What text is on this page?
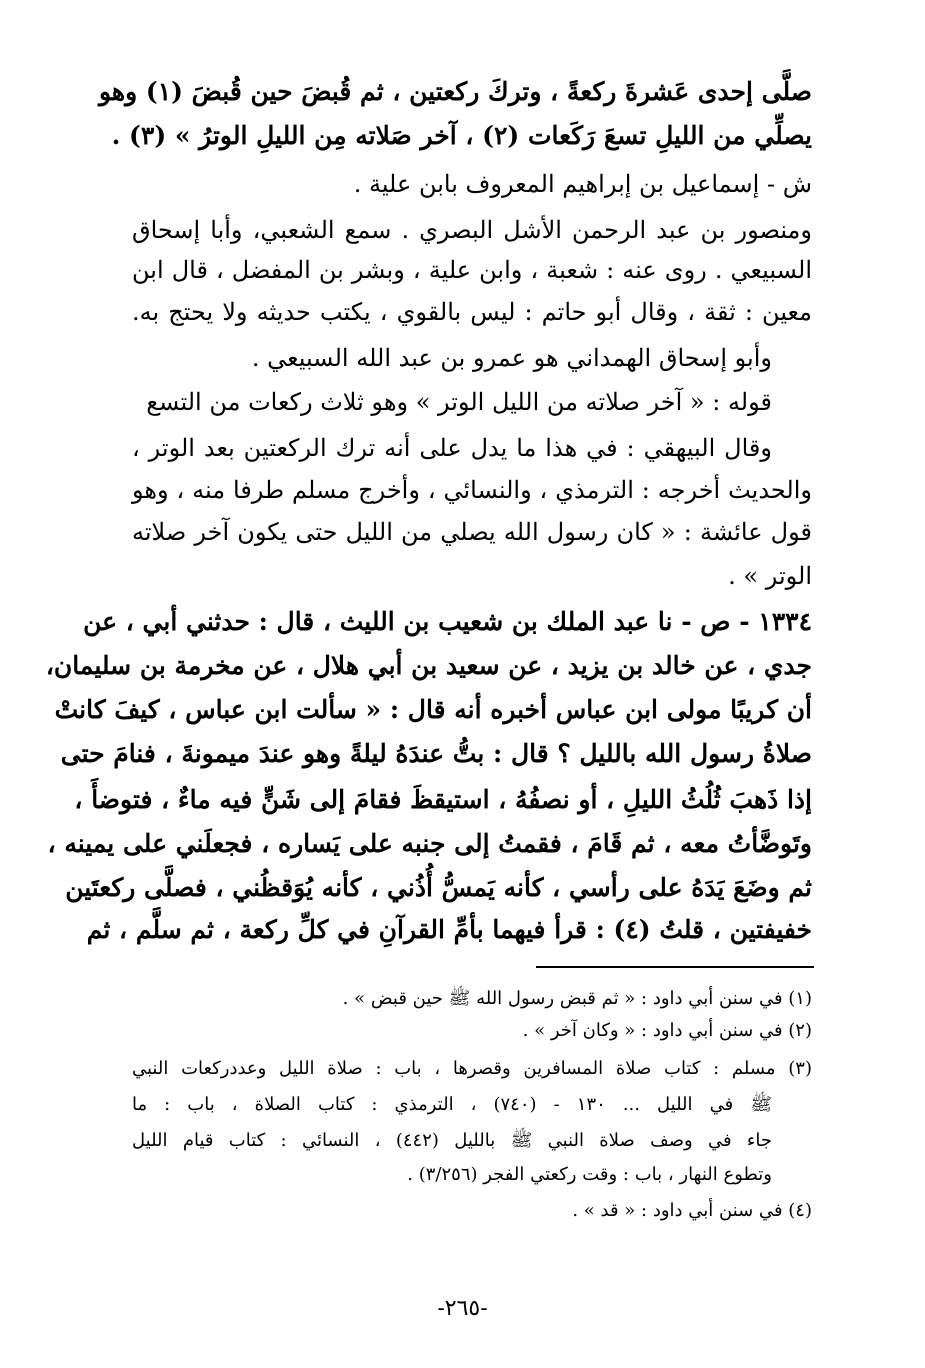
صلَّى إحدى عَشرةَ ركعةً ، وتركَ ركعتين ، ثم قُبضَ حين قُبضَ (١) وهو
يصلِّي من الليلِ تسعَ رَكَعات (٢) ، آخر صَلاته مِن الليلِ الوترُ » (٣) .
ش - إسماعيل بن إبراهيم المعروف بابن علية .
ومنصور بن عبد الرحمن الأشل البصري . سمع الشعبي، وأبا إسحاق
السبيعي . روى عنه : شعبة ، وابن علية ، وبشر بن المفضل ، قال ابن
معين : ثقة ، وقال أبو حاتم : ليس بالقوي ، يكتب حديثه ولا يحتج به.
وأبو إسحاق الهمداني هو عمرو بن عبد الله السبيعي .
قوله : « آخر صلاته من الليل الوتر » وهو ثلاث ركعات من التسع
وقال البيهقي : في هذا ما يدل على أنه ترك الركعتين بعد الوتر ،
والحديث أخرجه : الترمذي ، والنسائي ، وأخرج مسلم طرفا منه ، وهو
قول عائشة : « كان رسول الله يصلي من الليل حتى يكون آخر صلاته
الوتر » .
١٣٣٤ - ص - نا عبد الملك بن شعيب بن الليث ، قال : حدثني أبي ، عن
جدي ، عن خالد بن يزيد ، عن سعيد بن أبي هلال ، عن مخرمة بن سليمان،
أن كريبًا مولى ابن عباس أخبره أنه قال : « سألت ابن عباس ، كيفَ كانتْ
صلاةُ رسول الله بالليل ؟ قال : بتُّ عندَهُ ليلةً وهو عندَ ميمونةَ ، فنامَ حتى
إذا ذَهبَ ثُلُثُ الليلِ ، أو نصفُهُ ، استيقظَ فقامَ إلى شَنٍّ فيه ماءٌ ، فتوضأَ ،
وتَوضَّأتُ معه ، ثم قَامَ ، فقمتُ إلى جنبه على يَساره ، فجعلَني على يمينه ،
ثم وضَعَ يَدَهُ على رأسي ، كأنه يَمسُّ أُذُني ، كأنه يُوَقظُني ، فصلَّى ركعتَين
خفيفتين ، قلتُ (٤) : قرأ فيهما بأمِّ القرآنِ في كلِّ ركعة ، ثم سلَّم ، ثم
(١) في سنن أبي داود : « ثم قبض رسول الله ﷺ حين قبض » .
(٢) في سنن أبي داود : « وكان آخر » .
(٣) مسلم : كتاب صلاة المسافرين وقصرها ، باب : صلاة الليل وعددركعات النبي
ﷺ في الليل ... ١٣٠ - (٧٤٠) ، الترمذي : كتاب الصلاة ، باب : ما
جاء في وصف صلاة النبي ﷺ بالليل (٤٤٢) ، النسائي : كتاب قيام الليل
وتطوع النهار ، باب : وقت ركعتي الفجر (٣/٢٥٦) .
(٤) في سنن أبي داود : « قد » .
-٢٦٥-
